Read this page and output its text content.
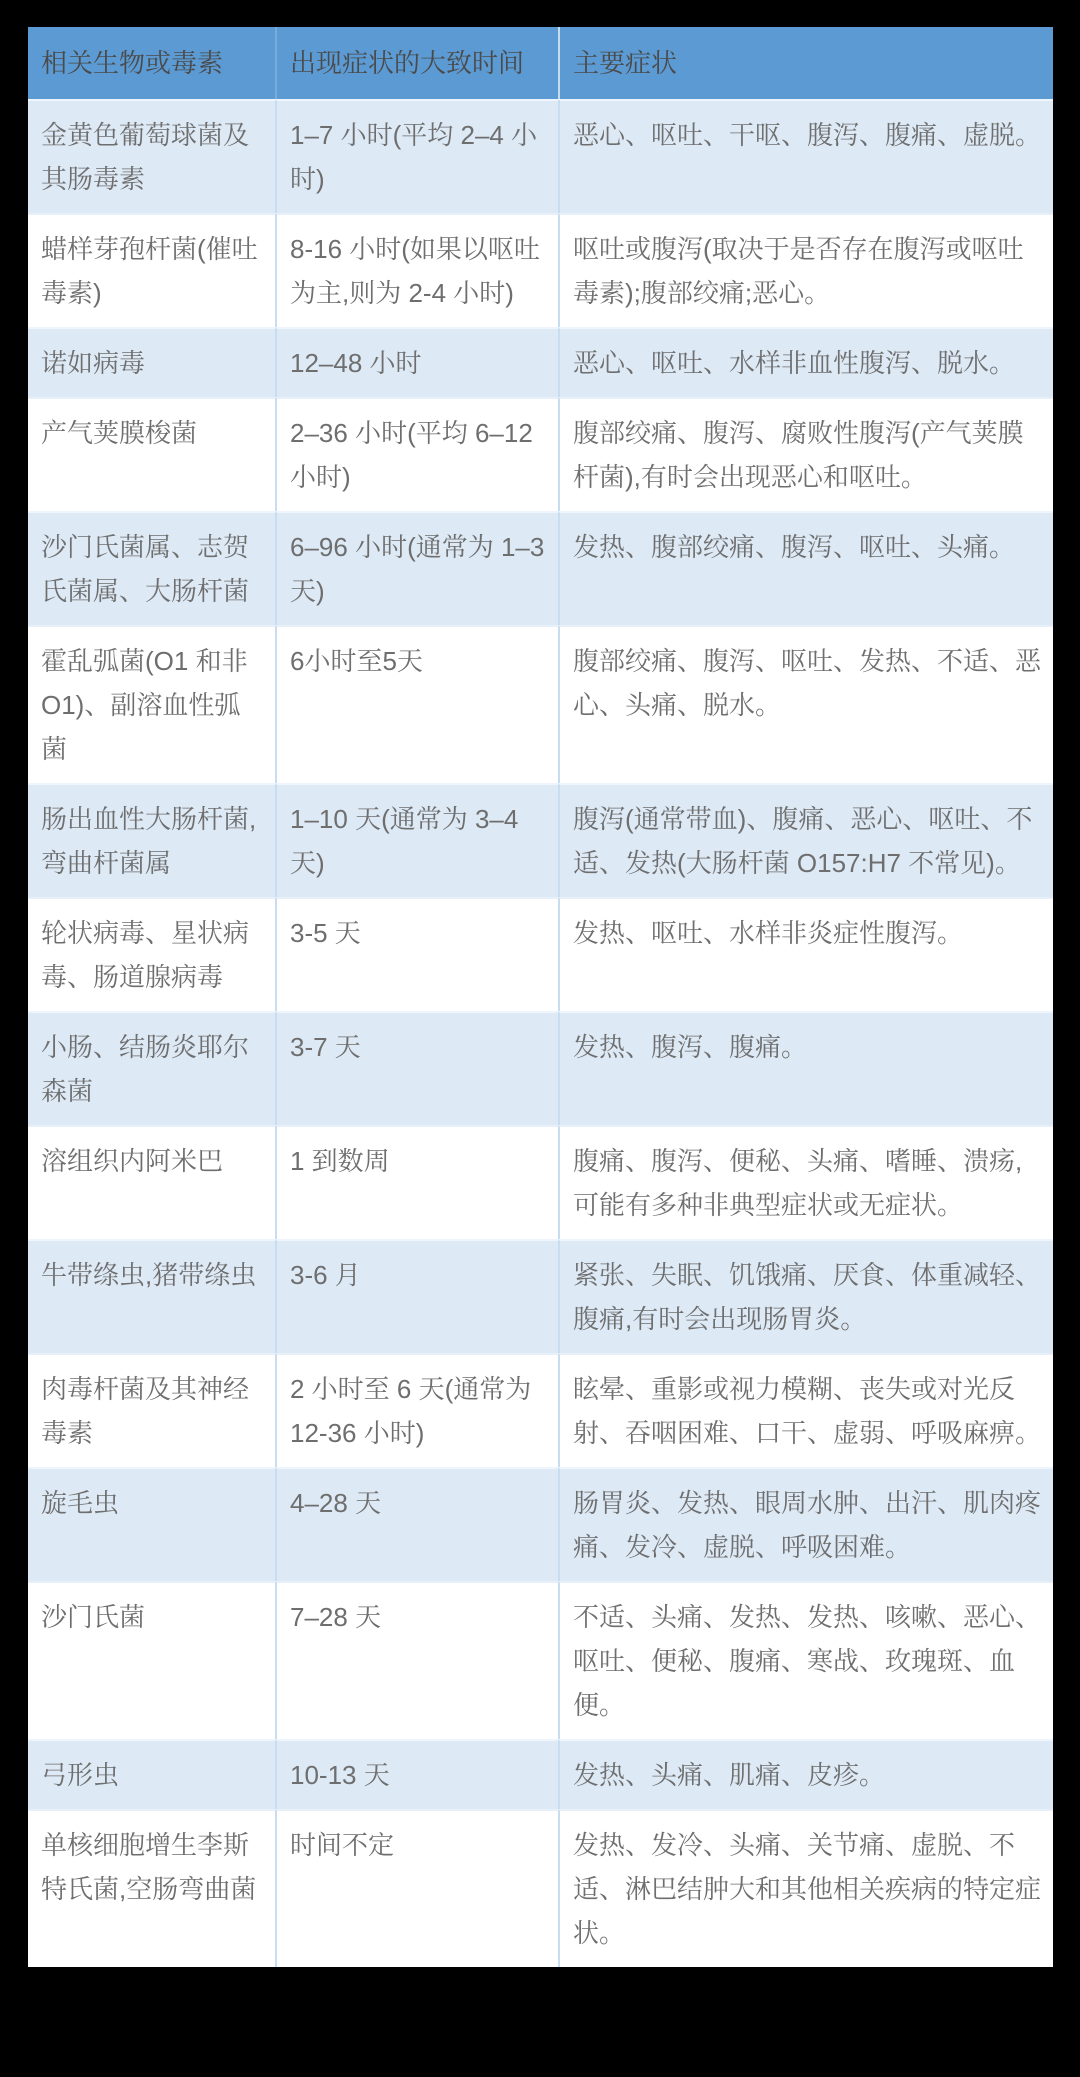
相关生物或毒素	出现症状的大致时间	主要症状
金黄色葡萄球菌及其肠毒素	1–7 小时(平均 2–4 小时)	恶心、呕吐、干呕、腹泻、腹痛、虚脱。
蜡样芽孢杆菌(催吐毒素)	8-16 小时(如果以呕吐为主,则为 2-4 小时)	呕吐或腹泻(取决于是否存在腹泻或呕吐毒素);腹部绞痛;恶心。
诺如病毒	12–48 小时	恶心、呕吐、水样非血性腹泻、脱水。
产气荚膜梭菌	2–36 小时(平均 6–12 小时)	腹部绞痛、腹泻、腐败性腹泻(产气荚膜杆菌),有时会出现恶心和呕吐。
沙门氏菌属、志贺氏菌属、大肠杆菌	6–96 小时(通常为 1–3 天)	发热、腹部绞痛、腹泻、呕吐、头痛。
霍乱弧菌(O1 和非 O1)、副溶血性弧菌	6小时至5天	腹部绞痛、腹泻、呕吐、发热、不适、恶心、头痛、脱水。
肠出血性大肠杆菌,弯曲杆菌属	1–10 天(通常为 3–4 天)	腹泻(通常带血)、腹痛、恶心、呕吐、不适、发热(大肠杆菌 O157:H7 不常见)。
轮状病毒、星状病毒、肠道腺病毒	3-5 天	发热、呕吐、水样非炎症性腹泻。
小肠、结肠炎耶尔森菌	3-7 天	发热、腹泻、腹痛。
溶组织内阿米巴	1 到数周	腹痛、腹泻、便秘、头痛、嗜睡、溃疡,可能有多种非典型症状或无症状。
牛带绦虫,猪带绦虫	3-6 月	紧张、失眠、饥饿痛、厌食、体重减轻、腹痛,有时会出现肠胃炎。
肉毒杆菌及其神经毒素	2 小时至 6 天(通常为 12-36 小时)	眩晕、重影或视力模糊、丧失或对光反射、吞咽困难、口干、虚弱、呼吸麻痹。
旋毛虫	4–28 天	肠胃炎、发热、眼周水肿、出汗、肌肉疼痛、发冷、虚脱、呼吸困难。
沙门氏菌	7–28 天	不适、头痛、发热、发热、咳嗽、恶心、呕吐、便秘、腹痛、寒战、玫瑰斑、血便。
弓形虫	10-13 天	发热、头痛、肌痛、皮疹。
单核细胞增生李斯特氏菌,空肠弯曲菌	时间不定	发热、发冷、头痛、关节痛、虚脱、不适、淋巴结肿大和其他相关疾病的特定症状。
